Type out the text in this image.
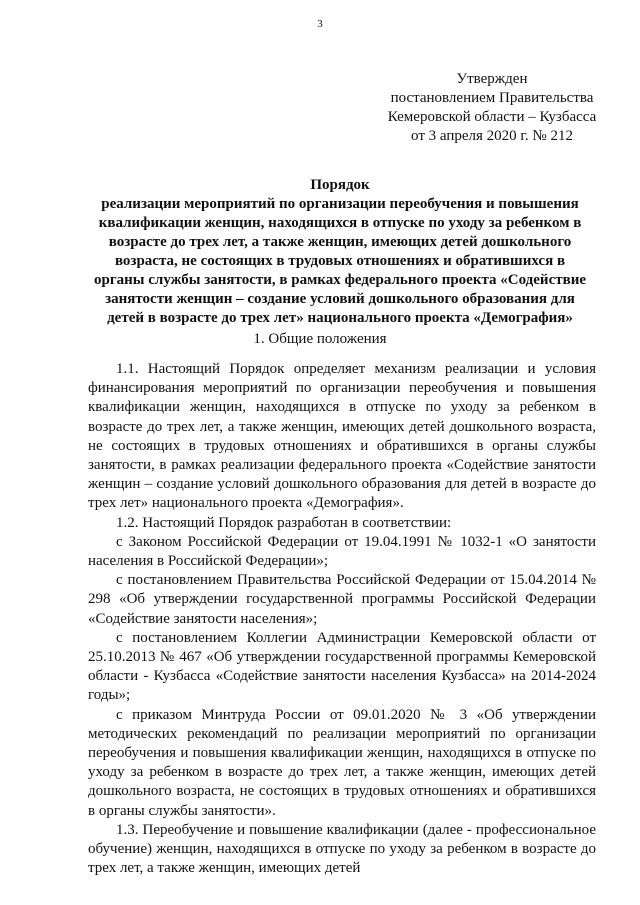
3
Утвержден
постановлением Правительства
Кемеровской области – Кузбасса
от 3 апреля 2020 г. № 212
Порядок
реализации мероприятий по организации переобучения и повышения
квалификации женщин, находящихся в отпуске по уходу за ребенком в
возрасте до трех лет, а также женщин, имеющих детей дошкольного
возраста, не состоящих в трудовых отношениях и обратившихся в
органы службы занятости, в рамках федерального проекта «Содействие
занятости женщин – создание условий дошкольного образования для
детей в возрасте до трех лет» национального проекта «Демография»
1. Общие положения

1.1. Настоящий Порядок определяет механизм реализации и условия финансирования мероприятий по организации переобучения и повышения квалификации женщин, находящихся в отпуске по уходу за ребенком в возрасте до трех лет, а также женщин, имеющих детей дошкольного возраста, не состоящих в трудовых отношениях и обратившихся в органы службы занятости, в рамках реализации федерального проекта «Содействие занятости женщин – создание условий дошкольного образования для детей в возрасте до трех лет» национального проекта «Демография».

1.2. Настоящий Порядок разработан в соответствии:

с Законом Российской Федерации от 19.04.1991 № 1032-1 «О занятости населения в Российской Федерации»;

с постановлением Правительства Российской Федерации от 15.04.2014 № 298 «Об утверждении государственной программы Российской Федерации «Содействие занятости населения»;

с постановлением Коллегии Администрации Кемеровской области от 25.10.2013 № 467 «Об утверждении государственной программы Кемеровской области - Кузбасса «Содействие занятости населения Кузбасса» на 2014-2024 годы»;

с приказом Минтруда России от 09.01.2020 № 3 «Об утверждении методических рекомендаций по реализации мероприятий по организации переобучения и повышения квалификации женщин, находящихся в отпуске по уходу за ребенком в возрасте до трех лет, а также женщин, имеющих детей дошкольного возраста, не состоящих в трудовых отношениях и обратившихся в органы службы занятости».

1.3. Переобучение и повышение квалификации (далее - профессиональное обучение) женщин, находящихся в отпуске по уходу за ребенком в возрасте до трех лет, а также женщин, имеющих детей
